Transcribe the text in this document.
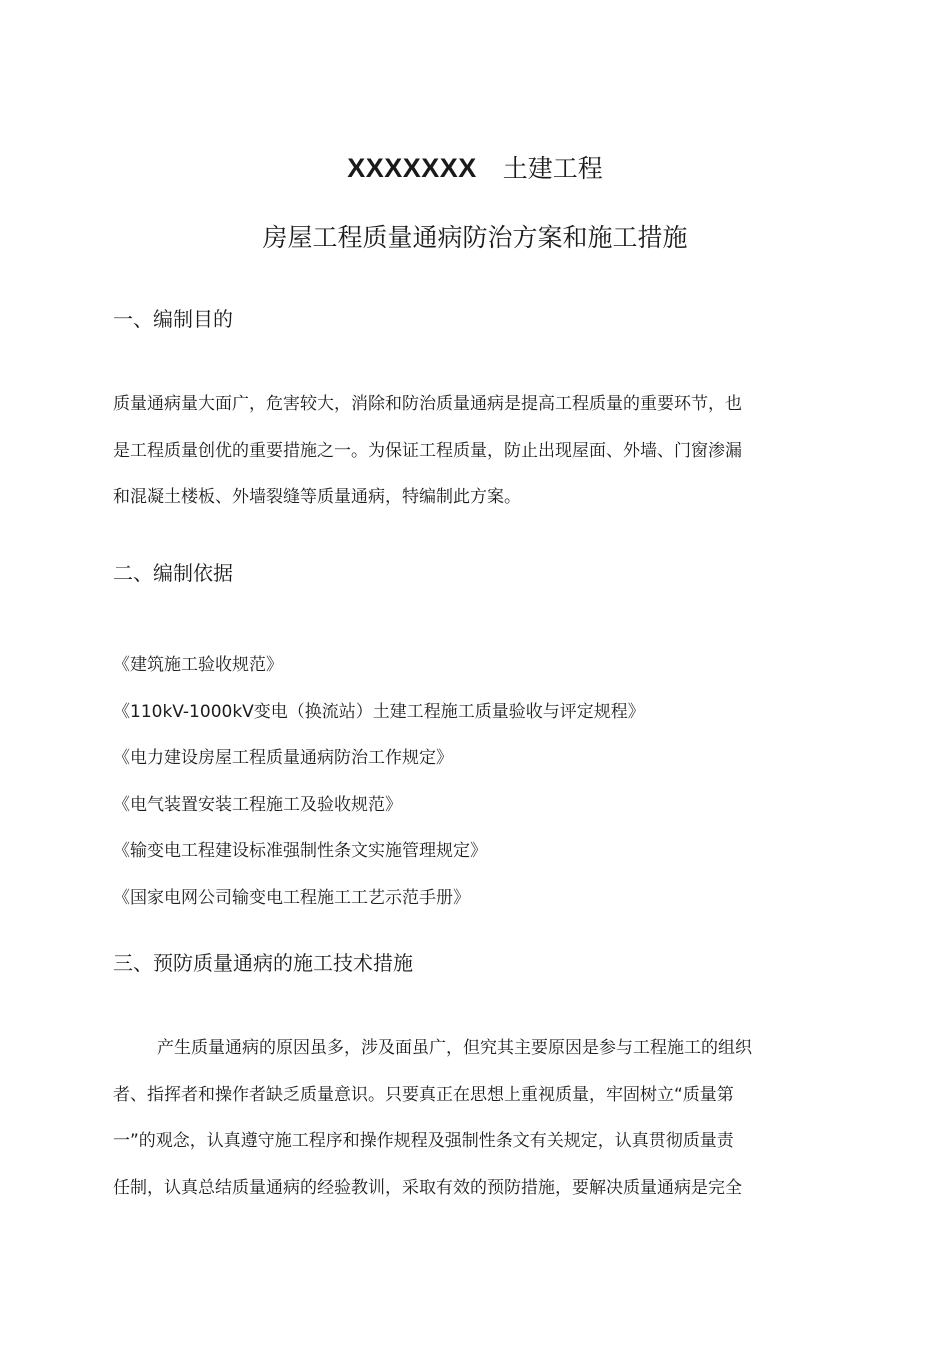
XXXXXXX 土建工程
房屋工程质量通病防治方案和施工措施
一、编制目的
质量通病量大面广，危害较大，消除和防治质量通病是提高工程质量的重要环节，也
是工程质量创优的重要措施之一。为保证工程质量，防止出现屋面、外墙、门窗渗漏
和混凝土楼板、外墙裂缝等质量通病，特编制此方案。
二、编制依据
《建筑施工验收规范》
《110kV-1000kV变电（换流站）土建工程施工质量验收与评定规程》
《电力建设房屋工程质量通病防治工作规定》
《电气装置安装工程施工及验收规范》
《输变电工程建设标准强制性条文实施管理规定》
《国家电网公司输变电工程施工工艺示范手册》
三、预防质量通病的施工技术措施
产生质量通病的原因虽多，涉及面虽广，但究其主要原因是参与工程施工的组织
者、指挥者和操作者缺乏质量意识。只要真正在思想上重视质量，牢固树立“质量第
一”的观念，认真遵守施工程序和操作规程及强制性条文有关规定，认真贯彻质量责
任制，认真总结质量通病的经验教训，采取有效的预防措施，要解决质量通病是完全
